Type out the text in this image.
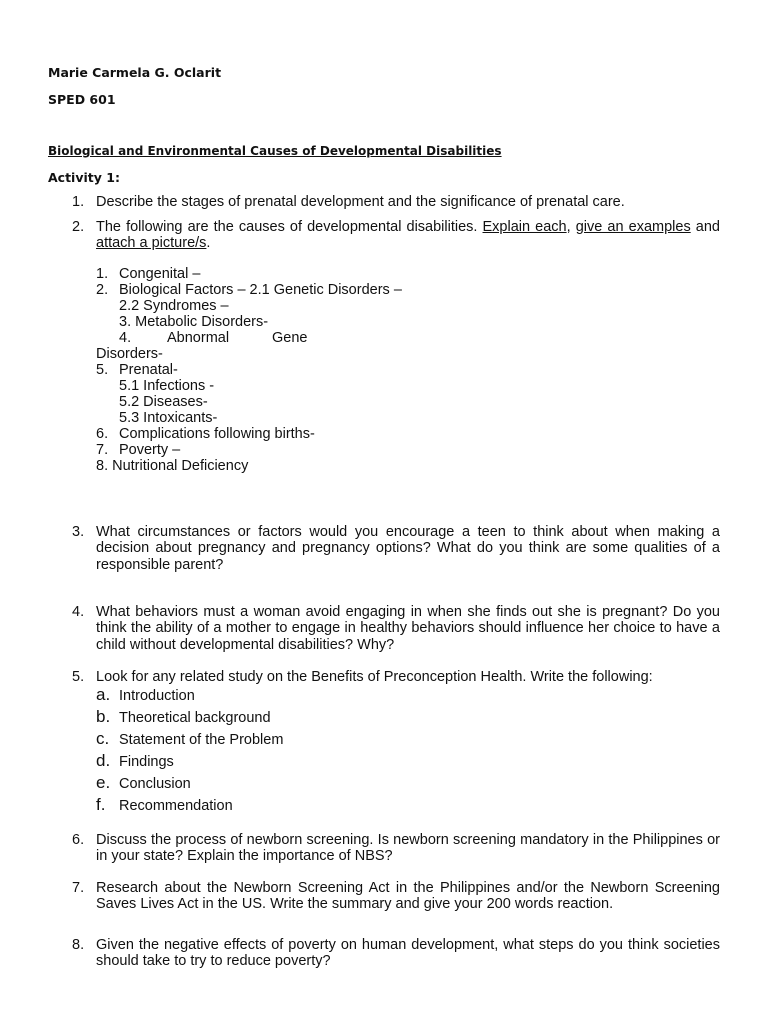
Marie Carmela G. Oclarit
SPED 601
Biological and Environmental Causes of Developmental Disabilities
Activity 1:
1. Describe the stages of prenatal development and the significance of prenatal care.
2. The following are the causes of developmental disabilities. Explain each, give an examples and attach a picture/s.
1. Congenital –
2. Biological Factors – 2.1 Genetic Disorders –
2.2 Syndromes –
3. Metabolic Disorders-
4. Abnormal	Gene
Disorders-
5. Prenatal-
5.1 Infections -
5.2 Diseases-
5.3 Intoxicants-
6. Complications following births-
7. Poverty –
8. Nutritional Deficiency
3. What circumstances or factors would you encourage a teen to think about when making a decision about pregnancy and pregnancy options? What do you think are some qualities of a responsible parent?
4. What behaviors must a woman avoid engaging in when she finds out she is pregnant? Do you think the ability of a mother to engage in healthy behaviors should influence her choice to have a child without developmental disabilities? Why?
5. Look for any related study on the Benefits of Preconception Health. Write the following:
a. Introduction
b. Theoretical background
c. Statement of the Problem
d. Findings
e. Conclusion
f. Recommendation
6. Discuss the process of newborn screening. Is newborn screening mandatory in the Philippines or in your state? Explain the importance of NBS?
7. Research about the Newborn Screening Act in the Philippines and/or the Newborn Screening Saves Lives Act in the US. Write the summary and give your 200 words reaction.
8. Given the negative effects of poverty on human development, what steps do you think societies should take to try to reduce poverty?
